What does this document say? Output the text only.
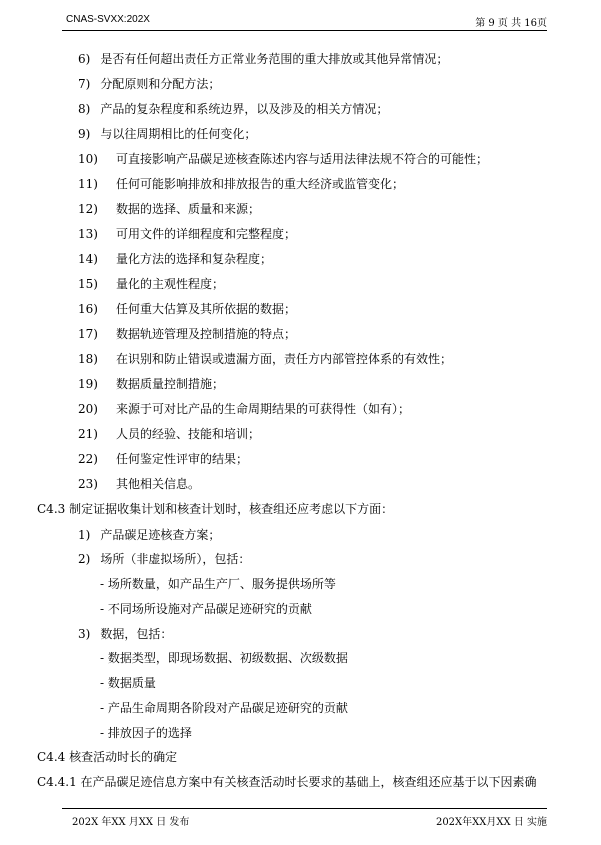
CNAS-SVXX:202X	第 9 页 共 16页
6) 是否有任何超出责任方正常业务范围的重大排放或其他异常情况；
7) 分配原则和分配方法；
8) 产品的复杂程度和系统边界，以及涉及的相关方情况；
9) 与以往周期相比的任何变化；
10) 可直接影响产品碳足迹核查陈述内容与适用法律法规不符合的可能性；
11) 任何可能影响排放和排放报告的重大经济或监管变化；
12) 数据的选择、质量和来源；
13) 可用文件的详细程度和完整程度；
14) 量化方法的选择和复杂程度；
15) 量化的主观性程度；
16) 任何重大估算及其所依据的数据；
17) 数据轨迹管理及控制措施的特点；
18) 在识别和防止错误或遗漏方面，责任方内部管控体系的有效性；
19) 数据质量控制措施；
20) 来源于可对比产品的生命周期结果的可获得性（如有）；
21) 人员的经验、技能和培训；
22) 任何鉴定性评审的结果；
23) 其他相关信息。
C4.3 制定证据收集计划和核查计划时，核查组还应考虑以下方面：
1) 产品碳足迹核查方案；
2) 场所（非虚拟场所），包括：
- 场所数量，如产品生产厂、服务提供场所等
- 不同场所设施对产品碳足迹研究的贡献
3) 数据，包括：
- 数据类型，即现场数据、初级数据、次级数据
- 数据质量
- 产品生命周期各阶段对产品碳足迹研究的贡献
- 排放因子的选择
C4.4 核查活动时长的确定
C4.4.1 在产品碳足迹信息方案中有关核查活动时长要求的基础上，核查组还应基于以下因素确
202X 年XX 月XX 日 发布	202X年XX月XX 日 实施
